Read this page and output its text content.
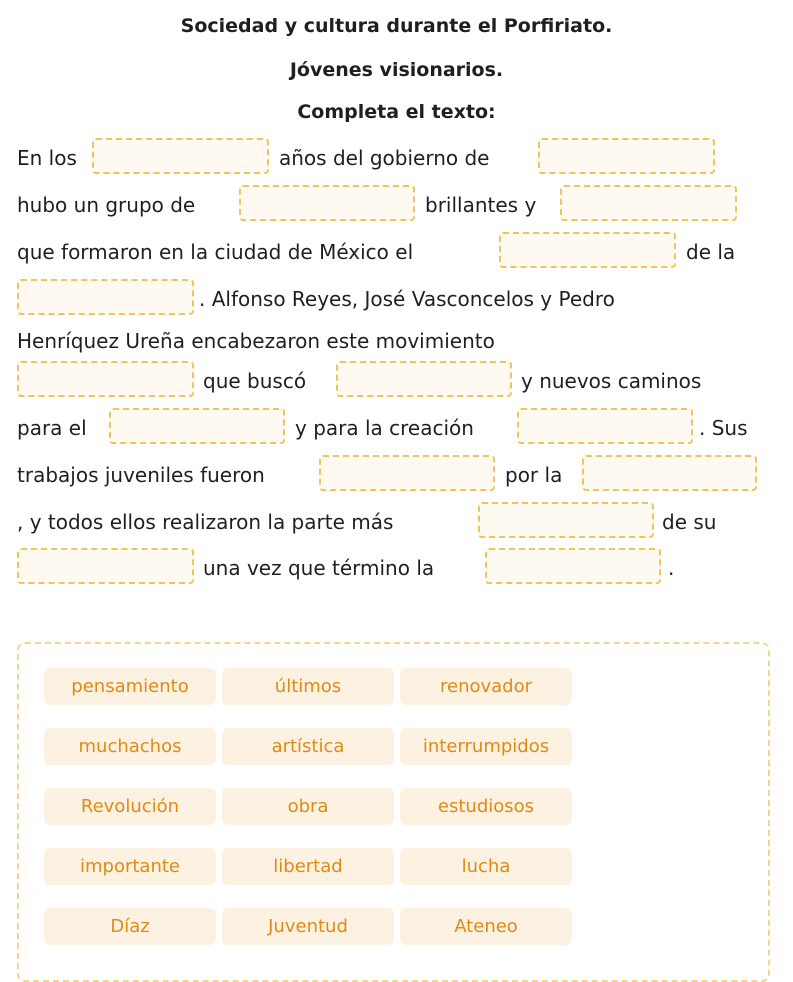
Sociedad y cultura durante el Porfiriato.
Jóvenes visionarios.
Completa el texto:
En los	años del gobierno de
hubo un grupo de	brillantes y
que formaron en la ciudad de México el	de la
. Alfonso Reyes, José Vasconcelos y Pedro
Henríquez Ureña encabezaron este movimiento
que buscó	y nuevos caminos
para el	y para la creación	. Sus
trabajos juveniles fueron	por la
, y todos ellos realizaron la parte más	de su
una vez que término la	.
pensamiento	últimos	renovador
muchachos	artística	interrumpidos
Revolución	obra	estudiosos
importante	libertad	lucha
Díaz	Juventud	Ateneo
